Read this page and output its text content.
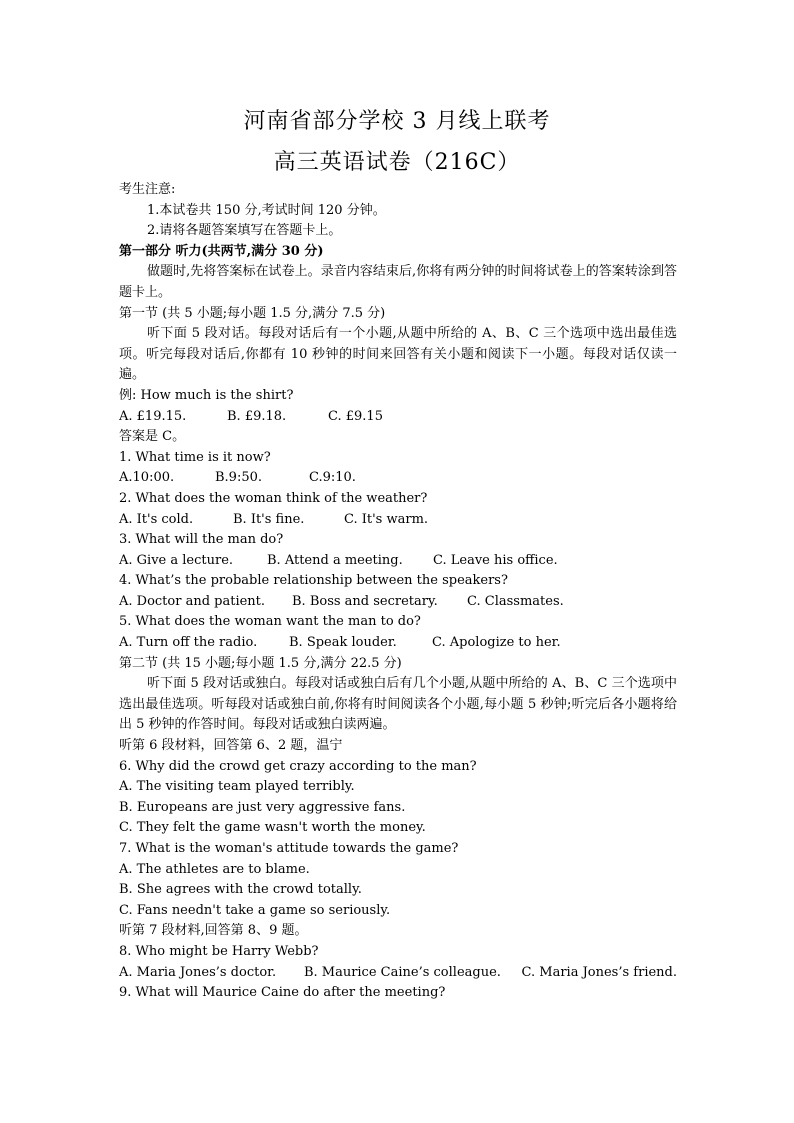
河南省部分学校 3 月线上联考
高三英语试卷（216C）
考生注意:
1.本试卷共 150 分,考试时间 120 分钟。
2.请将各题答案填写在答题卡上。
第一部分 听力(共两节,满分 30 分)
做题时,先将答案标在试卷上。录音内容结束后,你将有两分钟的时间将试卷上的答案转涂到答题卡上。
第一节 (共 5 小题;每小题 1.5 分,满分 7.5 分)
听下面 5 段对话。每段对话后有一个小题,从题中所给的 A、B、C 三个选项中选出最佳选项。听完每段对话后,你都有 10 秒钟的时间来回答有关小题和阅读下一小题。每段对话仅读一遍。
例: How much is the shirt?
A. £19.15.	B. £9.18.	C. £9.15
答案是 C。
1. What time is it now?
A.10:00.	B.9:50.	C.9:10.
2. What does the woman think of the weather?
A. It's cold.	B. It's fine.	C. It's warm.
3. What will the man do?
A. Give a lecture.	B. Attend a meeting.	C. Leave his office.
4. What’s the probable relationship between the speakers?
A. Doctor and patient.	B. Boss and secretary.	C. Classmates.
5. What does the woman want the man to do?
A. Turn off the radio.	B. Speak louder.	C. Apologize to her.
第二节 (共 15 小题;每小题 1.5 分,满分 22.5 分)
听下面 5 段对话或独白。每段对话或独白后有几个小题,从题中所给的 A、B、C 三个选项中选出最佳选项。听每段对话或独白前,你将有时间阅读各个小题,每小题 5 秒钟;听完后各小题将给出 5 秒钟的作答时间。每段对话或独白读两遍。
听第 6 段材料，回答第 6、2 题，温宁
6. Why did the crowd get crazy according to the man?
A. The visiting team played terribly.
B. Europeans are just very aggressive fans.
C. They felt the game wasn't worth the money.
7. What is the woman's attitude towards the game?
A. The athletes are to blame.
B. She agrees with the crowd totally.
C. Fans needn't take a game so seriously.
听第 7 段材料,回答第 8、9 题。
8. Who might be Harry Webb?
A. Maria Jones’s doctor.	B. Maurice Caine’s colleague.	C. Maria Jones’s friend.
9. What will Maurice Caine do after the meeting?
